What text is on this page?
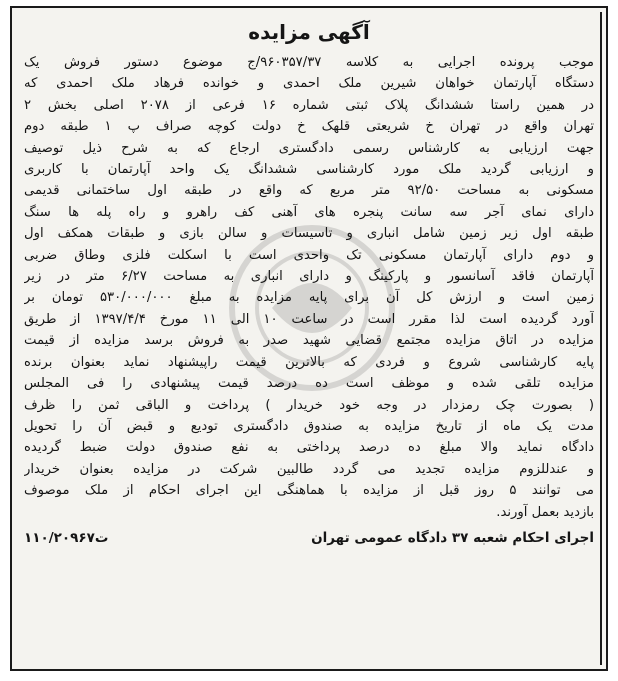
آگهی مزایده
موجب پرونده اجرایی به کلاسه ۹۶۰۳۵۷/۳۷/ج موضوع دستور فروش یک
دستگاه آپارتمان خواهان شیرین ملک احمدی و خوانده فرهاد ملک احمدی که
در همین راستا ششدانگ پلاک ثبتی شماره ۱۶ فرعی از ۲۰۷۸ اصلی بخش ۲
تهران واقع در تهران خ شریعتی قلهک خ دولت کوچه صراف پ ۱ طبقه دوم
جهت ارزیابی به کارشناس رسمی دادگستری ارجاع که به شرح ذیل توصیف
و ارزیابی گردید ملک مورد کارشناسی ششدانگ یک واحد آپارتمان با کاربری
مسکونی به مساحت ۹۲/۵۰ متر مربع که واقع در طبقه اول ساختمانی قدیمی
دارای نمای آجر سه سانت پنجره های آهنی کف راهرو و راه پله ها سنگ
طبقه اول زیر زمین شامل انباری و تاسیسات و سالن بازی و طبقات همکف اول
و دوم دارای آپارتمان مسکونی تک واحدی است با اسکلت فلزی وطاق ضربی
آپارتمان فاقد آسانسور و پارکینگ و دارای انباری به مساحت ۶/۲۷ متر در زیر
زمین است و ارزش کل آن برای پایه مزایده به مبلغ ۵۳۰/۰۰۰/۰۰۰ تومان بر
آورد گردیده است لذا مقرر است در ساعت ۱۰ الی ۱۱ مورخ ۱۳۹۷/۴/۴ از طریق
مزایده در اتاق مزایده مجتمع قضایی شهید صدر به فروش برسد مزایده از قیمت
پایه کارشناسی شروع و فردی که بالاترین قیمت راپیشنهاد نماید بعنوان برنده
مزایده تلقی شده و موظف است ده درصد قیمت پیشنهادی را فی المجلس
( بصورت چک رمزدار در وجه خود خریدار ) پرداخت و الباقی ثمن را ظرف
مدت یک ماه از تاریخ مزایده به صندوق دادگستری تودیع و قبض آن را تحویل
دادگاه نماید والا مبلغ ده درصد پرداختی به نفع صندوق دولت ضبط گردیده
و عندللزوم مزایده تجدید می گردد طالبین شرکت در مزایده بعنوان خریدار
می توانند ۵ روز قبل از مزایده با هماهنگی این اجرای احکام از ملک موصوف
بازدید بعمل آورند.
اجرای احکام شعبه ۳۷ دادگاه عمومی تهران
۱۱۰/۲۰۹۶۷ت
